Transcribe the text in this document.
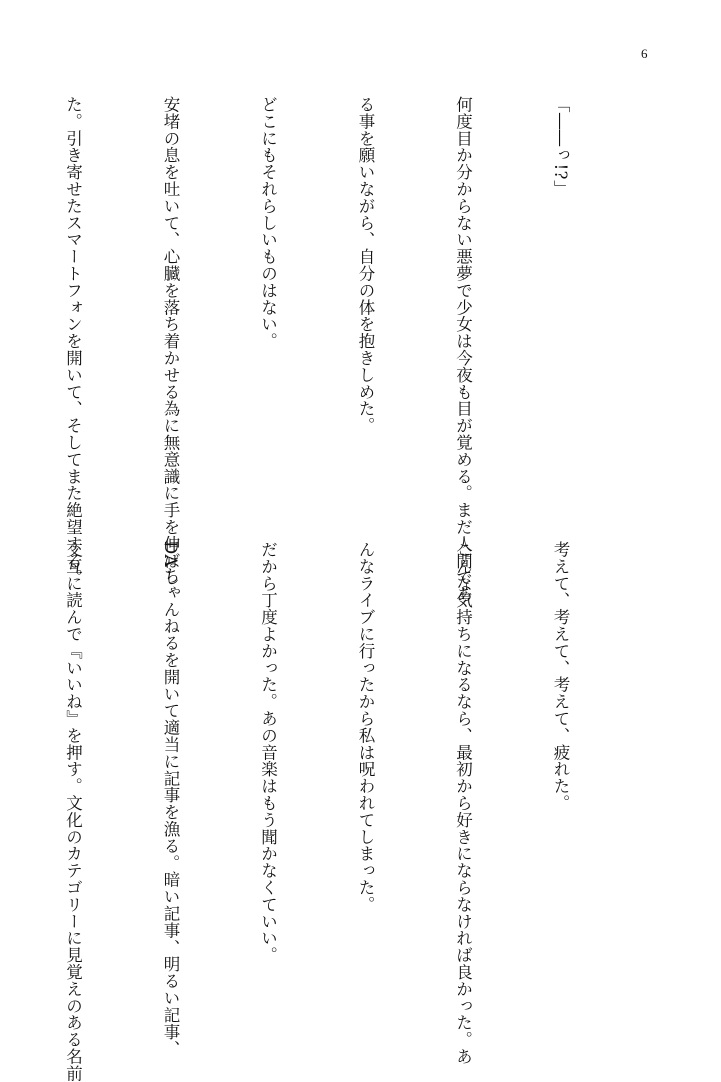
6

「――っ!?」

何度目か分からない悪夢で少女は今夜も目が覚める。まだ人間であ

る事を願いながら、自分の体を抱きしめた。

どこにもそれらしいものはない。

安堵の息を吐いて、心臓を落ち着かせる為に無意識に手を伸ばし

た。引き寄せたスマートフォンを開いて、そしてまた絶望する。

考えて、考えて、考えて、疲れた。

こんな気持ちになるなら、最初から好きにならなければ良かった。あ

んなライブに行ったから私は呪われてしまった。

だから丁度よかった。あの音楽はもう聞かなくていい。

DAちゃんねるを開いて適当に記事を漁る。暗い記事、明るい記事、

交互に読んで『いいね』を押す。文化のカテゴリーに見覚えのある名前
